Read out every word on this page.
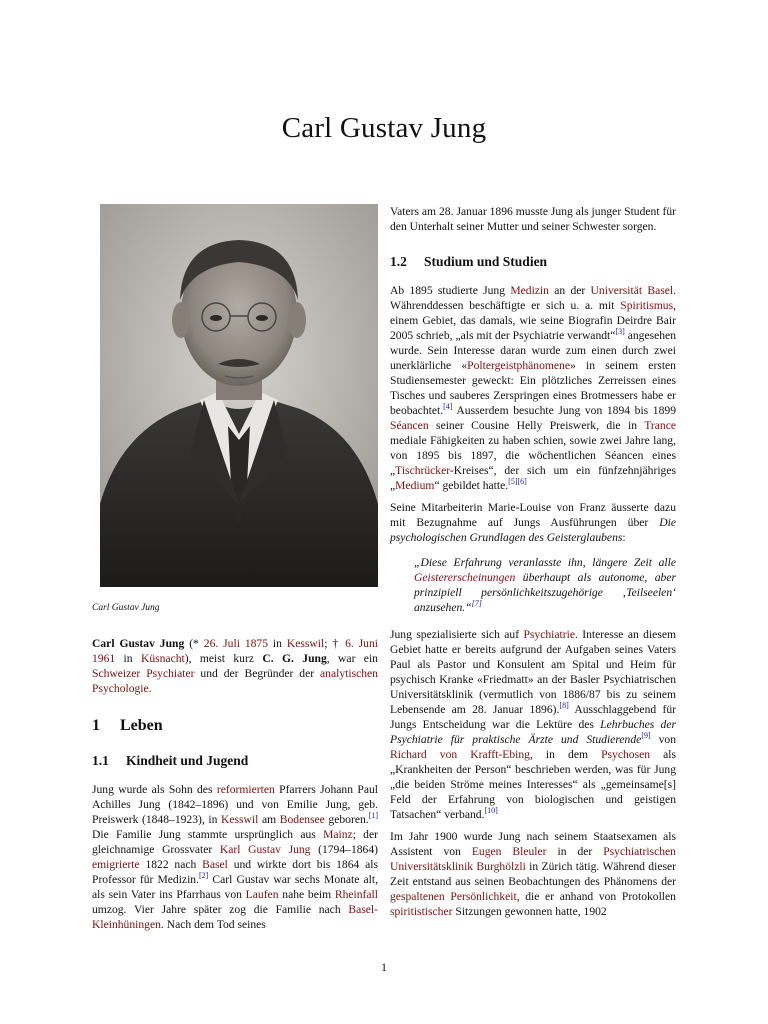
Carl Gustav Jung

Carl Gustav Jung

Carl Gustav Jung (* 26. Juli 1875 in Kesswil; † 6. Juni 1961 in Küsnacht), meist kurz C. G. Jung, war ein Schweizer Psychiater und der Begründer der analytischen Psychologie.

1 Leben
1.1 Kindheit und Jugend

Jung wurde als Sohn des reformierten Pfarrers Johann Paul Achilles Jung (1842–1896) und von Emilie Jung, geb. Preiswerk (1848–1923), in Kesswil am Bodensee geboren.[1] Die Familie Jung stammte ursprünglich aus Mainz; der gleichnamige Grossvater Karl Gustav Jung (1794–1864) emigrierte 1822 nach Basel und wirkte dort bis 1864 als Professor für Medizin.[2] Carl Gustav war sechs Monate alt, als sein Vater ins Pfarrhaus von Laufen nahe beim Rheinfall umzog. Vier Jahre später zog die Familie nach Basel-Kleinhüningen. Nach dem Tod seines

Vaters am 28. Januar 1896 musste Jung als junger Student für den Unterhalt seiner Mutter und seiner Schwester sorgen.

1.2 Studium und Studien

Ab 1895 studierte Jung Medizin an der Universität Basel. Währenddessen beschäftigte er sich u. a. mit Spiritismus, einem Gebiet, das damals, wie seine Biografin Deirdre Bair 2005 schrieb, „als mit der Psychiatrie verwandt“[3] angesehen wurde. Sein Interesse daran wurde zum einen durch zwei unerklärliche «Poltergeistphänomene» in seinem ersten Studiensemester geweckt: Ein plötzliches Zerreissen eines Tisches und sauberes Zerspringen eines Brotmessers habe er beobachtet.[4] Ausserdem besuchte Jung von 1894 bis 1899 Séancen seiner Cousine Helly Preiswerk, die in Trance mediale Fähigkeiten zu haben schien, sowie zwei Jahre lang, von 1895 bis 1897, die wöchentlichen Séancen eines „Tischrücker-Kreises“, der sich um ein fünfzehnjähriges „Medium“ gebildet hatte.[5][6]

Seine Mitarbeiterin Marie-Louise von Franz äusserte dazu mit Bezugnahme auf Jungs Ausführungen über Die psychologischen Grundlagen des Geisterglaubens:

„Diese Erfahrung veranlasste ihn, längere Zeit alle Geistererscheinungen überhaupt als autonome, aber prinzipiell persönlichkeitszugehörige ‚Teilseelen‘ anzusehen.“[7]

Jung spezialisierte sich auf Psychiatrie. Interesse an diesem Gebiet hatte er bereits aufgrund der Aufgaben seines Vaters Paul als Pastor und Konsulent am Spital und Heim für psychisch Kranke «Friedmatt» an der Basler Psychiatrischen Universitätsklinik (vermutlich von 1886/87 bis zu seinem Lebensende am 28. Januar 1896).[8] Ausschlaggebend für Jungs Entscheidung war die Lektüre des Lehrbuches der Psychiatrie für praktische Ärzte und Studierende[9] von Richard von Krafft-Ebing, in dem Psychosen als „Krankheiten der Person“ beschrieben werden, was für Jung „die beiden Ströme meines Interesses“ als „gemeinsame[s] Feld der Erfahrung von biologischen und geistigen Tatsachen“ verband.[10]

Im Jahr 1900 wurde Jung nach seinem Staatsexamen als Assistent von Eugen Bleuler in der Psychiatrischen Universitätsklinik Burghölzli in Zürich tätig. Während dieser Zeit entstand aus seinen Beobachtungen des Phänomens der gespaltenen Persönlichkeit, die er anhand von Protokollen spiritistischer Sitzungen gewonnen hatte, 1902

1
